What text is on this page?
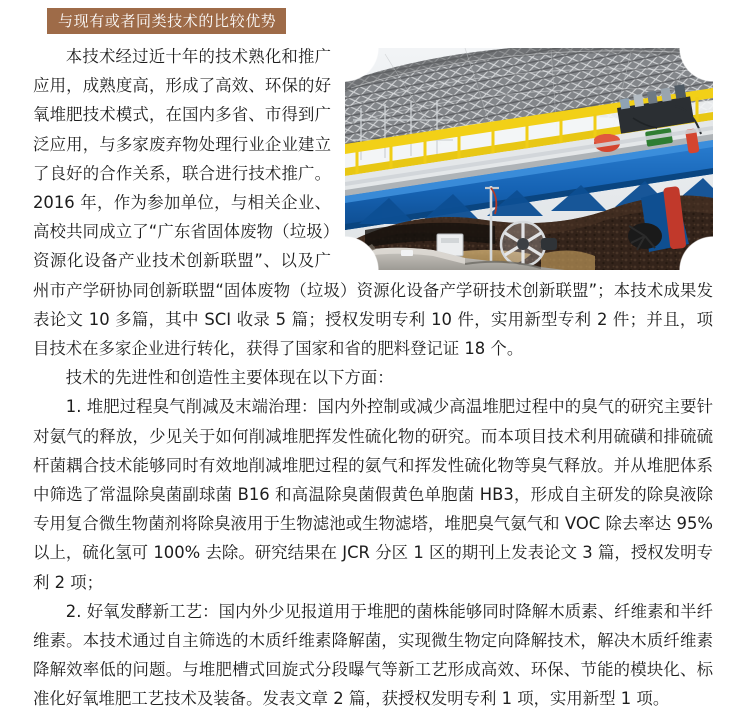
与现有或者同类技术的比较优势

本技术经过近十年的技术熟化和推广应用，成熟度高，形成了高效、环保的好氧堆肥技术模式，在国内多省、市得到广泛应用，与多家废弃物处理行业企业建立了良好的合作关系，联合进行技术推广。2016 年，作为参加单位，与相关企业、高校共同成立了“广东省固体废物（垃圾）资源化设备产业技术创新联盟”、以及广州市产学研协同创新联盟“固体废物（垃圾）资源化设备产学研技术创新联盟”；本技术成果发表论文 10 多篇，其中 SCI 收录 5 篇；授权发明专利 10 件，实用新型专利 2 件；并且，项目技术在多家企业进行转化，获得了国家和省的肥料登记证 18 个。

技术的先进性和创造性主要体现在以下方面：

1. 堆肥过程臭气削减及末端治理：国内外控制或减少高温堆肥过程中的臭气的研究主要针对氨气的释放，少见关于如何削减堆肥挥发性硫化物的研究。而本项目技术利用硫磺和排硫硫杆菌耦合技术能够同时有效地削减堆肥过程的氨气和挥发性硫化物等臭气释放。并从堆肥体系中筛选了常温除臭菌副球菌 B16 和高温除臭菌假黄色单胞菌 HB3，形成自主研发的除臭液除专用复合微生物菌剂将除臭液用于生物滤池或生物滤塔，堆肥臭气氨气和 VOC 除去率达 95% 以上，硫化氢可 100% 去除。研究结果在 JCR 分区 1 区的期刊上发表论文 3 篇，授权发明专利 2 项；

2. 好氧发酵新工艺：国内外少见报道用于堆肥的菌株能够同时降解木质素、纤维素和半纤维素。本技术通过自主筛选的木质纤维素降解菌，实现微生物定向降解技术，解决木质纤维素降解效率低的问题。与堆肥槽式回旋式分段曝气等新工艺形成高效、环保、节能的模块化、标准化好氧堆肥工艺技术及装备。发表文章 2 篇，获授权发明专利 1 项，实用新型 1 项。
